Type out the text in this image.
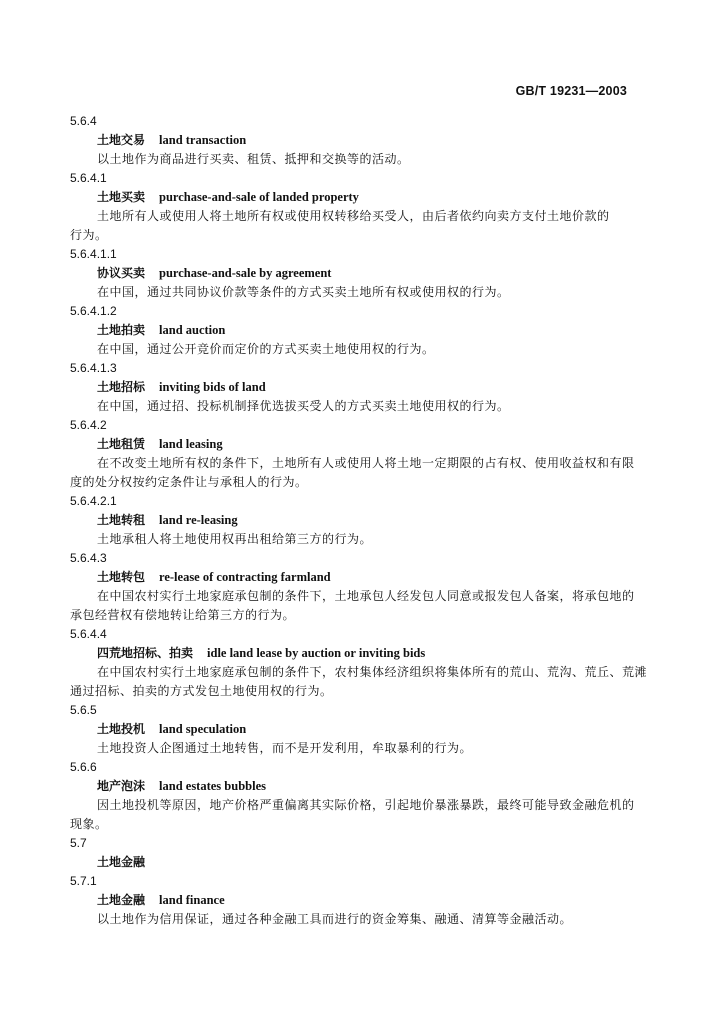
GB/T 19231—2003
5.6.4
土地交易 land transaction
以土地作为商品进行买卖、租赁、抵押和交换等的活动。
5.6.4.1
土地买卖 purchase-and-sale of landed property
土地所有人或使用人将土地所有权或使用权转移给买受人，由后者依约向卖方支付土地价款的
行为。
5.6.4.1.1
协议买卖 purchase-and-sale by agreement
在中国，通过共同协议价款等条件的方式买卖土地所有权或使用权的行为。
5.6.4.1.2
土地拍卖 land auction
在中国，通过公开竞价而定价的方式买卖土地使用权的行为。
5.6.4.1.3
土地招标 inviting bids of land
在中国，通过招、投标机制择优选拔买受人的方式买卖土地使用权的行为。
5.6.4.2
土地租赁 land leasing
在不改变土地所有权的条件下，土地所有人或使用人将土地一定期限的占有权、使用收益权和有限
度的处分权按约定条件让与承租人的行为。
5.6.4.2.1
土地转租 land re-leasing
土地承租人将土地使用权再出租给第三方的行为。
5.6.4.3
土地转包 re-lease of contracting farmland
在中国农村实行土地家庭承包制的条件下，土地承包人经发包人同意或报发包人备案，将承包地的
承包经营权有偿地转让给第三方的行为。
5.6.4.4
四荒地招标、拍卖 idle land lease by auction or inviting bids
在中国农村实行土地家庭承包制的条件下，农村集体经济组织将集体所有的荒山、荒沟、荒丘、荒滩
通过招标、拍卖的方式发包土地使用权的行为。
5.6.5
土地投机 land speculation
土地投资人企图通过土地转售，而不是开发利用，牟取暴利的行为。
5.6.6
地产泡沫 land estates bubbles
因土地投机等原因，地产价格严重偏离其实际价格，引起地价暴涨暴跌，最终可能导致金融危机的
现象。
5.7
土地金融
5.7.1
土地金融 land finance
以土地作为信用保证，通过各种金融工具而进行的资金筹集、融通、清算等金融活动。
